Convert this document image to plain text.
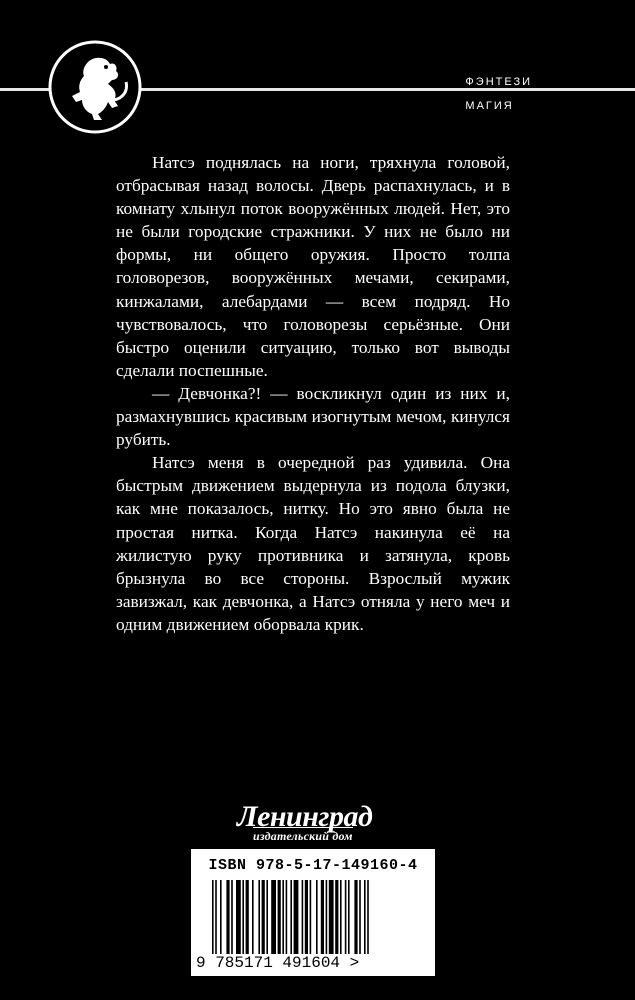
ФЭНТЕЗИ
МАГИЯ

Натсэ поднялась на ноги, тряхнула головой, отбрасывая назад волосы. Дверь распахнулась, и в комнату хлынул поток вооружённых людей. Нет, это не были городские стражники. У них не было ни формы, ни общего оружия. Просто толпа головорезов, вооружённых мечами, секирами, кинжалами, алебардами — всем подряд. Но чувствовалось, что головорезы серьёзные. Они быстро оценили ситуацию, только вот выводы сделали поспешные.

— Девчонка?! — воскликнул один из них и, размахнувшись красивым изогнутым мечом, кинулся рубить.

Натсэ меня в очередной раз удивила. Она быстрым движением выдернула из подола блузки, как мне показалось, нитку. Но это явно была не простая нитка. Когда Натсэ накинула её на жилистую руку противника и затянула, кровь брызнула во все стороны. Взрослый мужик завизжал, как девчонка, а Натсэ отняла у него меч и одним движением оборвала крик.

Ленинград
издательский дом
ISBN 978-5-17-149160-4
9 785171 491604 >
